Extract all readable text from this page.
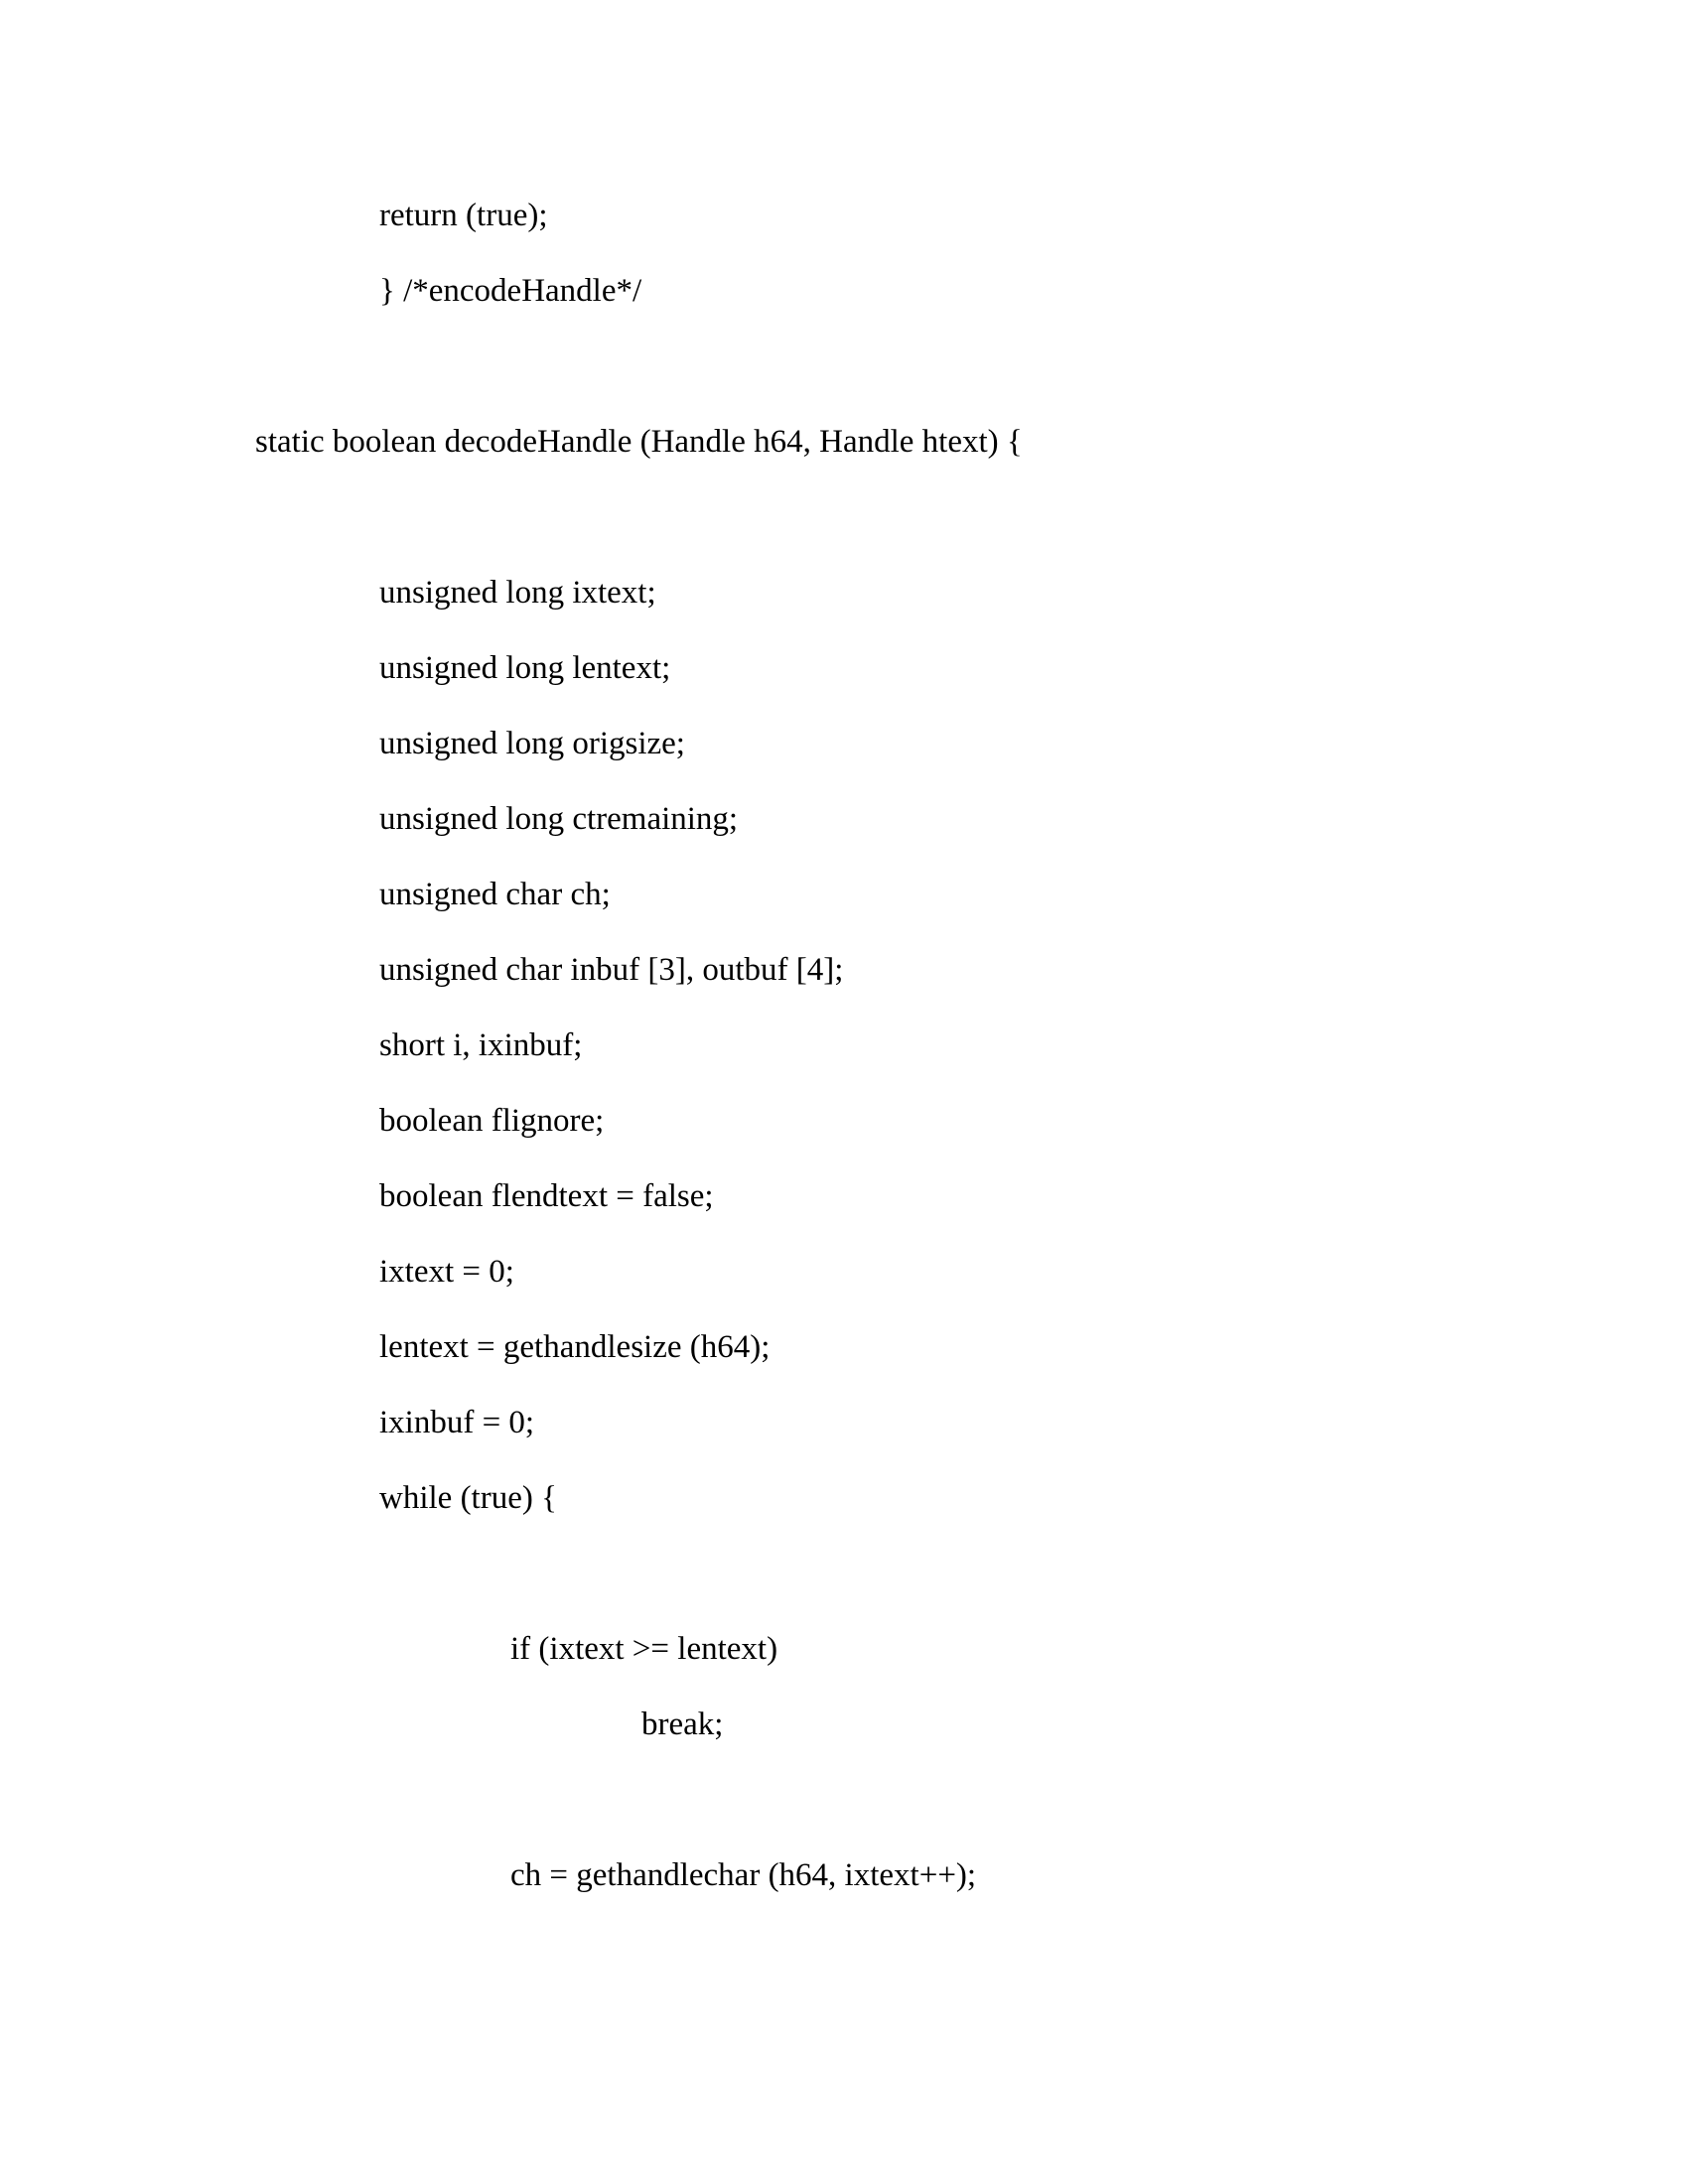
return (true);
} /*encodeHandle*/
static boolean decodeHandle (Handle h64, Handle htext) {
unsigned long ixtext;
unsigned long lentext;
unsigned long origsize;
unsigned long ctremaining;
unsigned char ch;
unsigned char inbuf [3], outbuf [4];
short i, ixinbuf;
boolean flignore;
boolean flendtext = false;
ixtext = 0;
lentext = gethandlesize (h64);
ixinbuf = 0;
while (true) {
if (ixtext >= lentext)
break;
ch = gethandlechar (h64, ixtext++);
